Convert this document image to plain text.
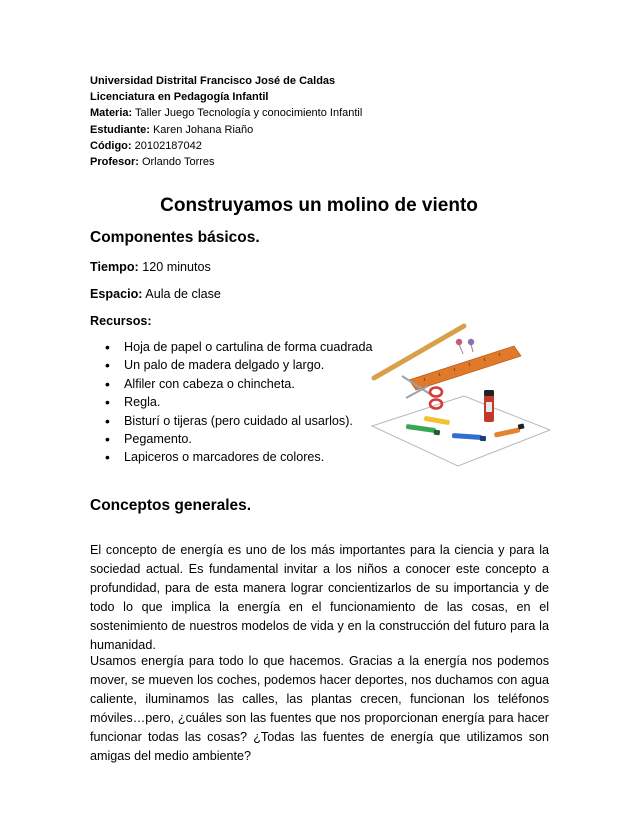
Universidad Distrital Francisco José de Caldas
Licenciatura en Pedagogía Infantil
Materia: Taller Juego Tecnología y conocimiento Infantil
Estudiante: Karen Johana Riaño
Código: 20102187042
Profesor: Orlando Torres
Construyamos un molino de viento
Componentes básicos.
Tiempo: 120 minutos
Espacio: Aula de clase
Recursos:
• Hoja de papel o cartulina de forma cuadrada
• Un palo de madera delgado y largo.
• Alfiler con cabeza o chincheta.
• Regla.
• Bisturí o tijeras (pero cuidado al usarlos).
• Pegamento.
• Lapiceros o marcadores de colores.
Conceptos generales.
El concepto de energía es uno de los más importantes para la ciencia y para la sociedad actual. Es fundamental invitar a los niños a conocer este concepto a profundidad, para de esta manera lograr concientizarlos de su importancia y de todo lo que implica la energía en el funcionamiento de las cosas, en el sostenimiento de nuestros modelos de vida y en la construcción del futuro para la humanidad.
Usamos energía para todo lo que hacemos. Gracias a la energía nos podemos mover, se mueven los coches, podemos hacer deportes, nos duchamos con agua caliente, iluminamos las calles, las plantas crecen, funcionan los teléfonos móviles…pero, ¿cuáles son las fuentes que nos proporcionan energía para hacer funcionar todas las cosas? ¿Todas las fuentes de energía que utilizamos son amigas del medio ambiente?
